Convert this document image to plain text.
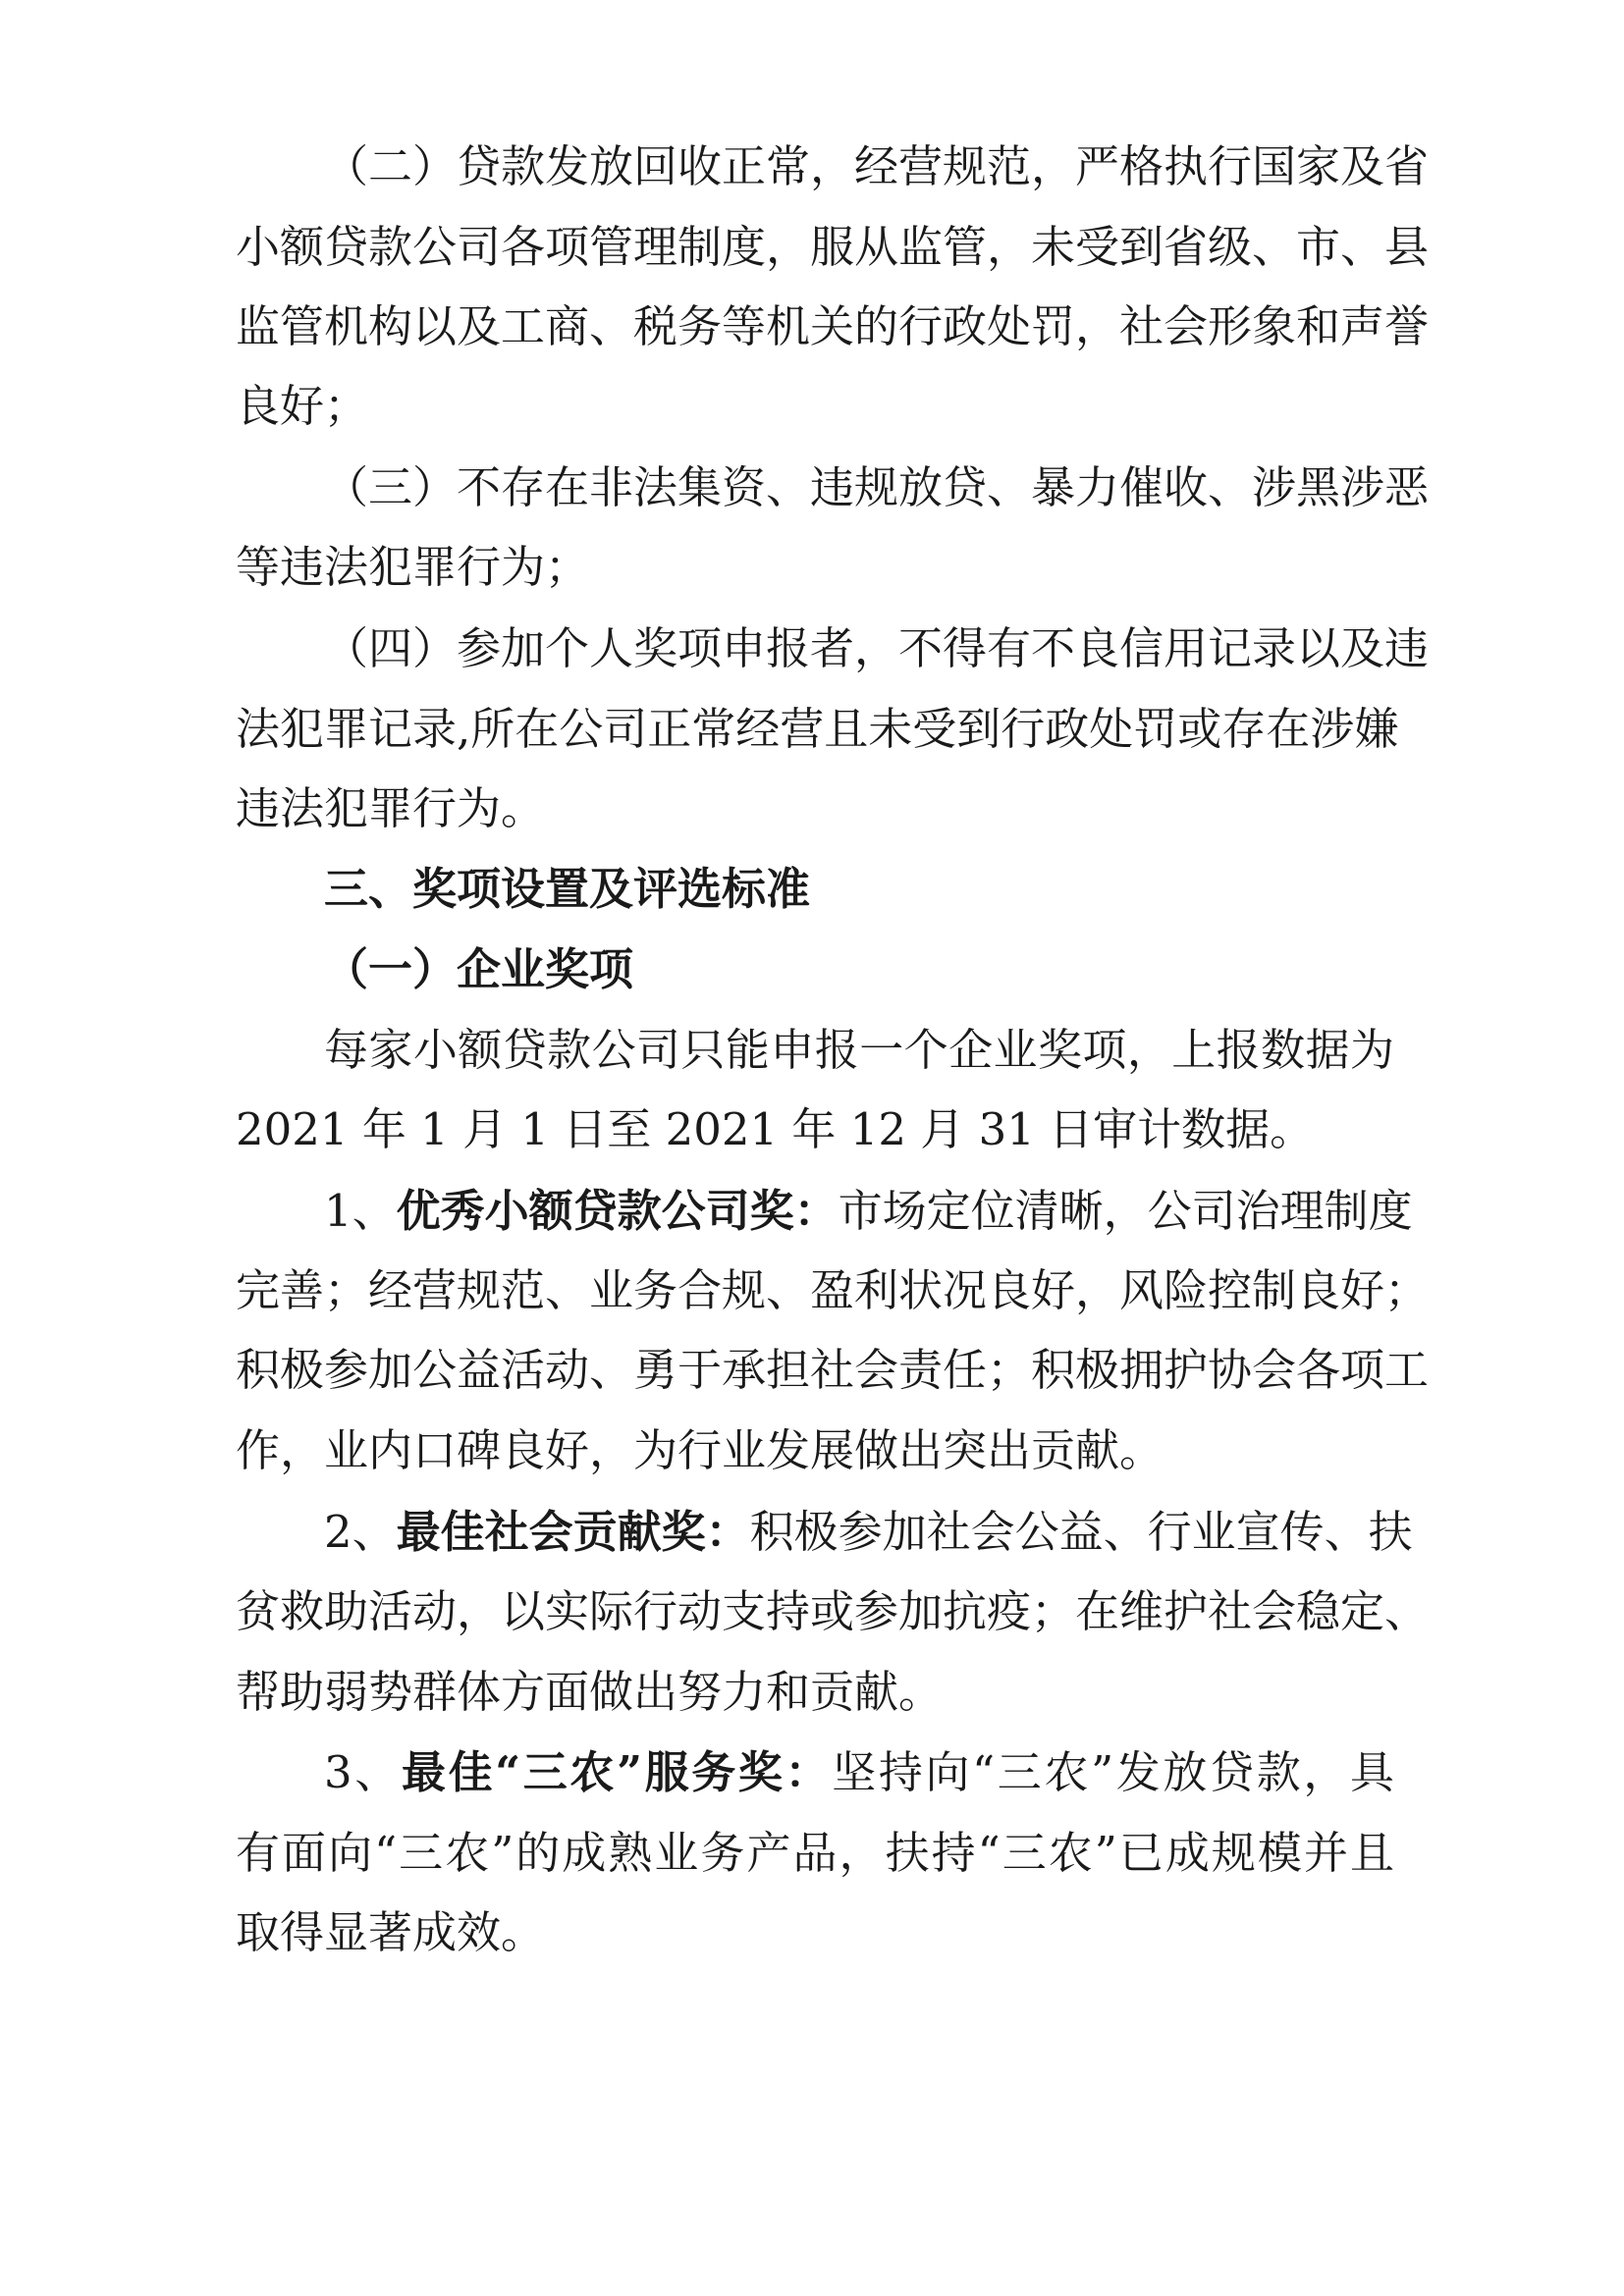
（二）贷款发放回收正常，经营规范，严格执行国家及省
小额贷款公司各项管理制度，服从监管，未受到省级、市、县
监管机构以及工商、税务等机关的行政处罚，社会形象和声誉
良好；
（三）不存在非法集资、违规放贷、暴力催收、涉黑涉恶
等违法犯罪行为；
（四）参加个人奖项申报者，不得有不良信用记录以及违
法犯罪记录,所在公司正常经营且未受到行政处罚或存在涉嫌
违法犯罪行为。
三、奖项设置及评选标准
（一）企业奖项
每家小额贷款公司只能申报一个企业奖项，上报数据为
2021 年 1 月 1 日至 2021 年 12 月 31 日审计数据。
1、优秀小额贷款公司奖：市场定位清晰，公司治理制度
完善；经营规范、业务合规、盈利状况良好，风险控制良好；
积极参加公益活动、勇于承担社会责任；积极拥护协会各项工
作，业内口碑良好，为行业发展做出突出贡献。
2、最佳社会贡献奖：积极参加社会公益、行业宣传、扶
贫救助活动，以实际行动支持或参加抗疫；在维护社会稳定、
帮助弱势群体方面做出努力和贡献。
3、最佳“三农”服务奖：坚持向“三农”发放贷款，具
有面向“三农”的成熟业务产品，扶持“三农”已成规模并且
取得显著成效。
